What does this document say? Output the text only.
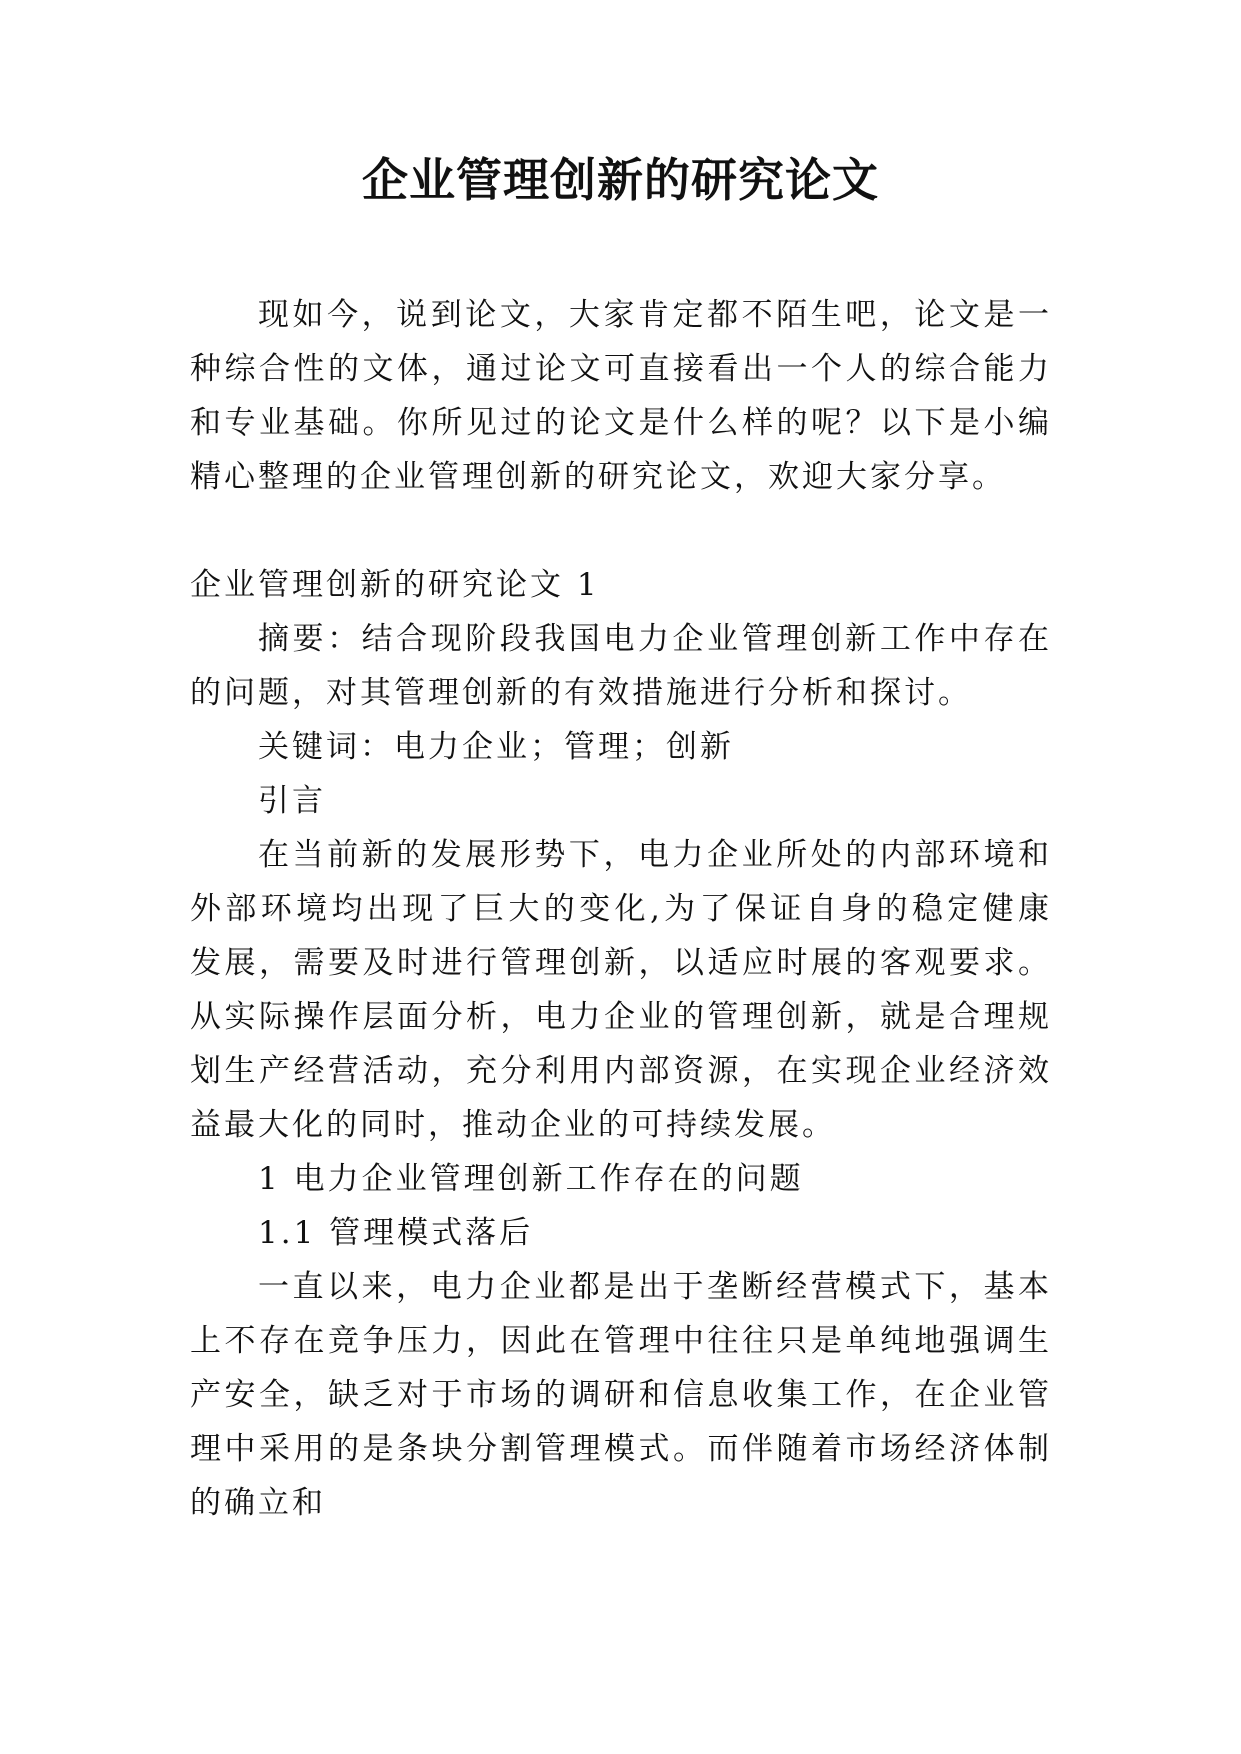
企业管理创新的研究论文

现如今，说到论文，大家肯定都不陌生吧，论文是一种综合性的文体，通过论文可直接看出一个人的综合能力和专业基础。你所见过的论文是什么样的呢？以下是小编精心整理的企业管理创新的研究论文，欢迎大家分享。

企业管理创新的研究论文 1

摘要：结合现阶段我国电力企业管理创新工作中存在的问题，对其管理创新的有效措施进行分析和探讨。

关键词：电力企业；管理；创新

引言

在当前新的发展形势下，电力企业所处的内部环境和外部环境均出现了巨大的变化,为了保证自身的稳定健康发展，需要及时进行管理创新，以适应时展的客观要求。从实际操作层面分析，电力企业的管理创新，就是合理规划生产经营活动，充分利用内部资源，在实现企业经济效益最大化的同时，推动企业的可持续发展。

1 电力企业管理创新工作存在的问题

1.1 管理模式落后

一直以来，电力企业都是出于垄断经营模式下，基本上不存在竞争压力，因此在管理中往往只是单纯地强调生产安全，缺乏对于市场的调研和信息收集工作，在企业管理中采用的是条块分割管理模式。而伴随着市场经济体制的确立和
